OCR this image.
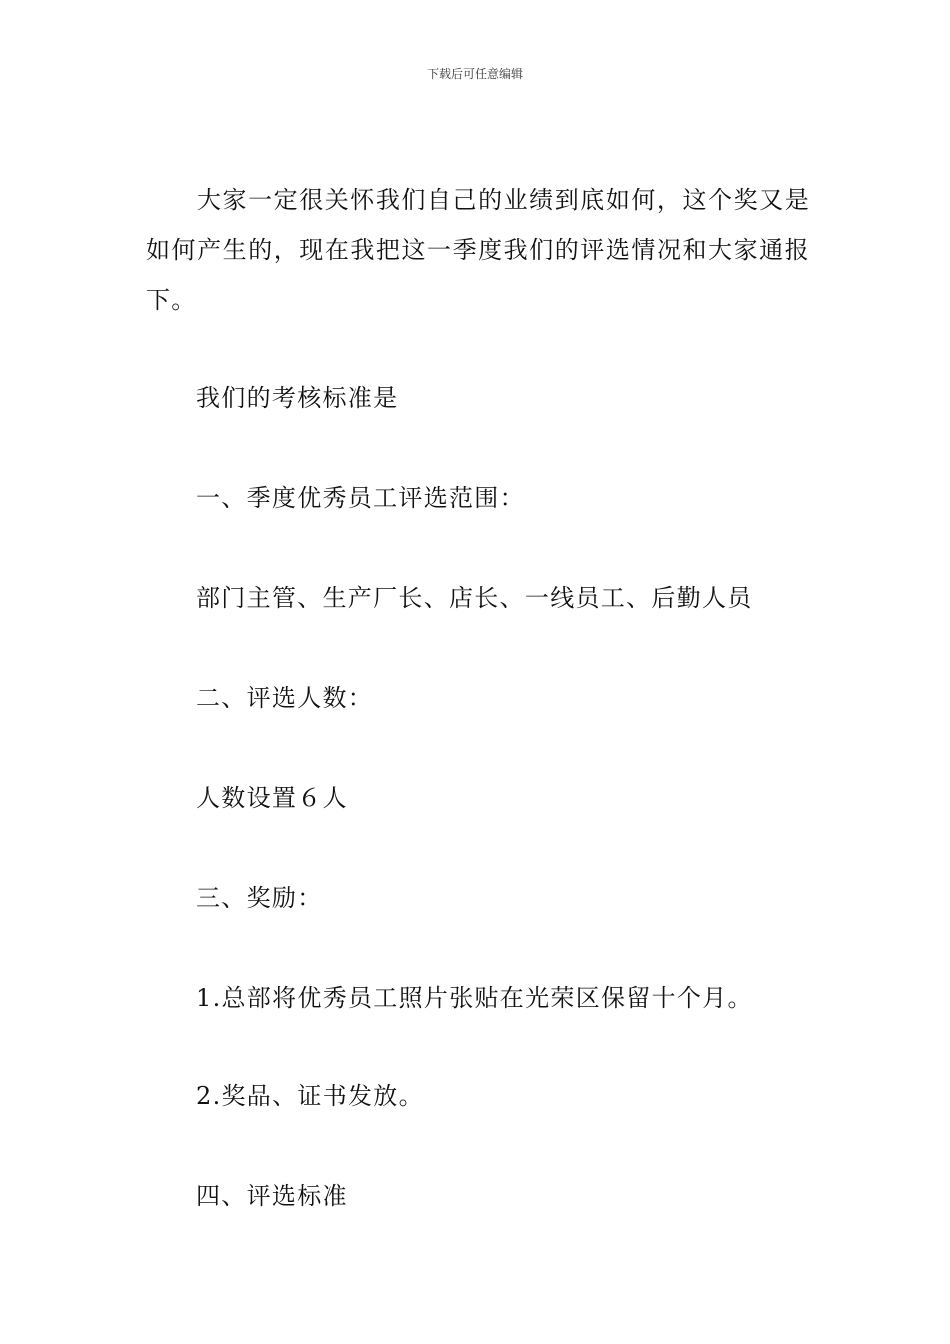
下载后可任意编辑

大家一定很关怀我们自己的业绩到底如何，这个奖又是如何产生的，现在我把这一季度我们的评选情况和大家通报下。

我们的考核标准是
一、季度优秀员工评选范围：
部门主管、生产厂长、店长、一线员工、后勤人员
二、评选人数：
人数设置６人
三、奖励：
1.总部将优秀员工照片张贴在光荣区保留十个月。
2.奖品、证书发放。
四、评选标准
